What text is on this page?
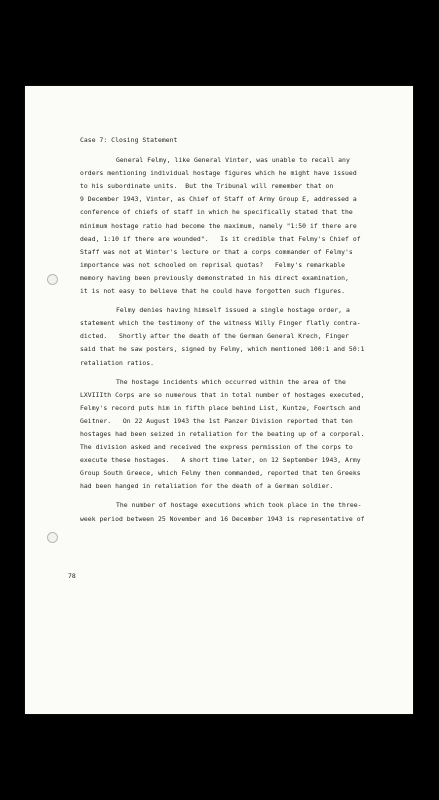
Case 7: Closing Statement
General Felmy, like General Vinter, was unable to recall any
orders mentioning individual hostage figures which he might have issued
to his subordinate units.  But the Tribunal will remember that on
9 December 1943, Vinter, as Chief of Staff of Army Group E, addressed a
conference of chiefs of staff in which he specifically stated that the
minimum hostage ratio had become the maximum, namely "1:50 if there are
dead, 1:10 if there are wounded".   Is it credible that Felmy's Chief of
Staff was not at Winter's lecture or that a corps commander of Felmy's
importance was not schooled on reprisal quotas?   Felmy's remarkable
memory having been previously demonstrated in his direct examination,
it is not easy to believe that he could have forgotten such figures.
Felmy denies having himself issued a single hostage order, a
statement which the testimony of the witness Willy Finger flatly contra-
dicted.   Shortly after the death of the German General Krech, Finger
said that he saw posters, signed by Felmy, which mentioned 100:1 and 50:1
retaliation ratios.
The hostage incidents which occurred within the area of the
LXVIIIth Corps are so numerous that in total number of hostages executed,
Felmy's record puts him in fifth place behind List, Kuntze, Foertsch and
Geitner.   On 22 August 1943 the 1st Panzer Division reported that ten
hostages had been seized in retaliation for the beating up of a corporal.
The division asked and received the express permission of the corps to
execute these hostages.   A short time later, on 12 September 1943, Army
Group South Greece, which Felmy then commanded, reported that ten Greeks
had been hanged in retaliation for the death of a German soldier.
The number of hostage executions which took place in the three-
week period between 25 November and 16 December 1943 is representative of
78
